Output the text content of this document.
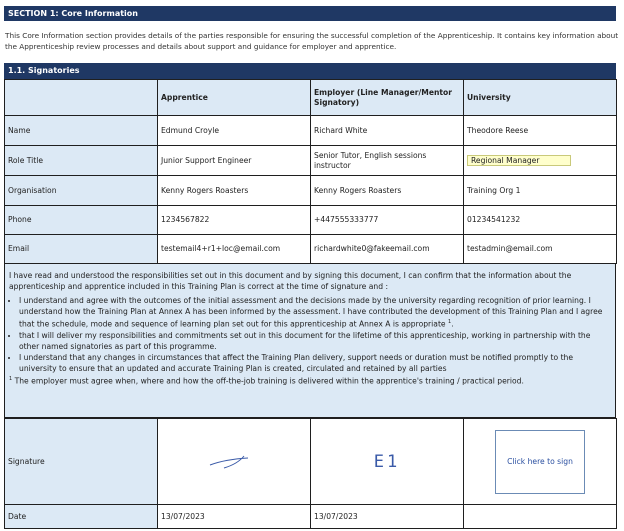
SECTION 1: Core Information
This Core Information section provides details of the parties responsible for ensuring the successful completion of the Apprenticeship. It contains key information about the Apprenticeship review processes and details about support and guidance for employer and apprentice.
1.1. Signatories
	Apprentice	Employer (Line Manager/Mentor Signatory)	University
Name	Edmund Croyle	Richard White	Theodore Reese
Role Title	Junior Support Engineer	Senior Tutor, English sessions instructor	Regional Manager
Organisation	Kenny Rogers Roasters	Kenny Rogers Roasters	Training Org 1
Phone	1234567822	+447555333777	01234541232
Email	testemail4+r1+loc@email.com	richardwhite0@fakeemail.com	testadmin@email.com

I have read and understood the responsibilities set out in this document and by signing this document, I can confirm that the information about the apprenticeship and apprentice included in this Training Plan is correct at the time of signature and :

• I understand and agree with the outcomes of the initial assessment and the decisions made by the university regarding recognition of prior learning. I understand how the Training Plan at Annex A has been informed by the assessment. I have contributed the development of this Training Plan and I agree that the schedule, mode and sequence of learning plan set out for this apprenticeship at Annex A is appropriate $^1$.
• that I will deliver my responsibilities and commitments set out in this document for the lifetime of this apprenticeship, working in partnership with the other named signatories as part of this programme.
• I understand that any changes in circumstances that affect the Training Plan delivery, support needs or duration must be notified promptly to the university to ensure that an updated and accurate Training Plan is created, circulated and retained by all parties

$^1$ The employer must agree when, where and how the off-the-job training is delivered within the apprentice's training / practical period.

Signature		E1	Click here to sign

Date	13/07/2023	13/07/2023	
